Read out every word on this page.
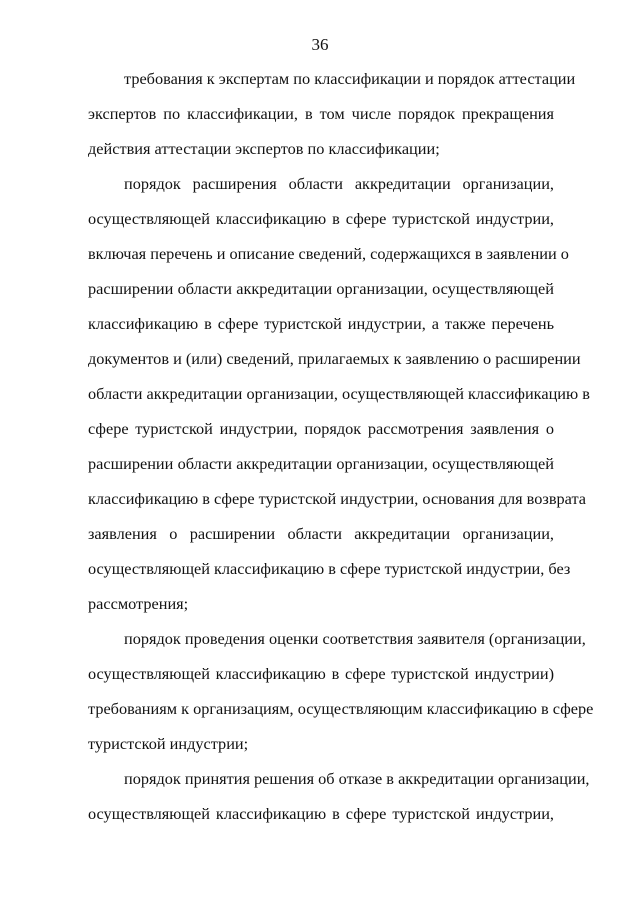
36
требования к экспертам по классификации и порядок аттестации
экспертов по классификации, в том числе порядок прекращения
действия аттестации экспертов по классификации;
порядок расширения области аккредитации организации,
осуществляющей классификацию в сфере туристской индустрии,
включая перечень и описание сведений, содержащихся в заявлении о
расширении области аккредитации организации, осуществляющей
классификацию в сфере туристской индустрии, а также перечень
документов и (или) сведений, прилагаемых к заявлению о расширении
области аккредитации организации, осуществляющей классификацию в
сфере туристской индустрии, порядок рассмотрения заявления о
расширении области аккредитации организации, осуществляющей
классификацию в сфере туристской индустрии, основания для возврата
заявления о расширении области аккредитации организации,
осуществляющей классификацию в сфере туристской индустрии, без
рассмотрения;
порядок проведения оценки соответствия заявителя (организации,
осуществляющей классификацию в сфере туристской индустрии)
требованиям к организациям, осуществляющим классификацию в сфере
туристской индустрии;
порядок принятия решения об отказе в аккредитации организации,
осуществляющей классификацию в сфере туристской индустрии,
